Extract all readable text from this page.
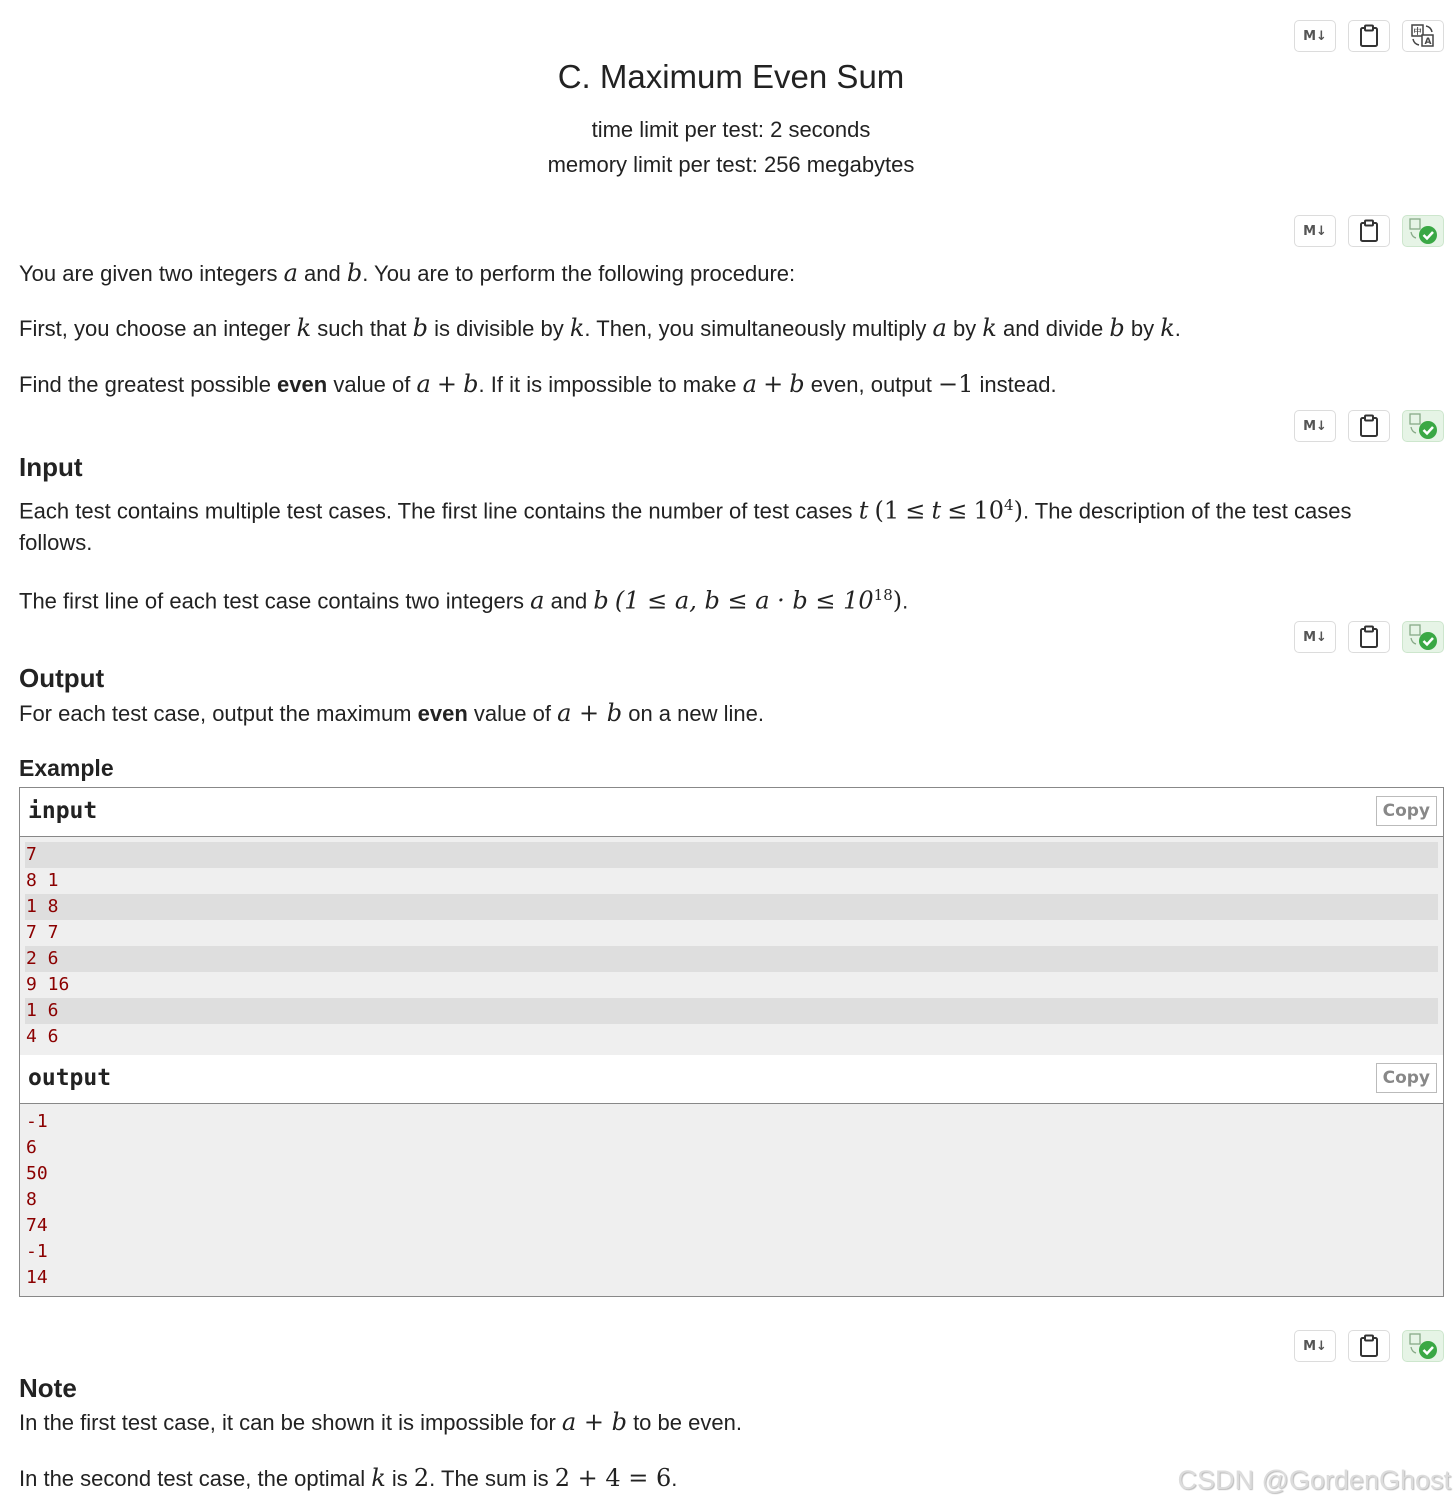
M↓	中
A
C. Maximum Even Sum
time limit per test: 2 seconds
memory limit per test: 256 megabytes
M↓
You are given two integers a and b. You are to perform the following procedure:
First, you choose an integer k such that b is divisible by k. Then, you simultaneously multiply a by k and divide b by k.
Find the greatest possible even value of a + b. If it is impossible to make a + b even, output −1 instead.
M↓
Input
Each test contains multiple test cases. The first line contains the number of test cases t $(1 \le t \le 10^4)$. The description of the test cases follows.
The first line of each test case contains two integers a and b (1 ≤ a, $b \le a \cdot b \le 10^{18}$).
M↓
Output
For each test case, output the maximum even value of a + b on a new line.
Example
input	Copy
7
8 1
1 8
7 7
2 6
9 16
1 6
4 6
output	Copy
-1
6
50
8
74
-1
14
M↓
Note
In the first test case, it can be shown it is impossible for a + b to be even.
In the second test case, the optimal k is 2. The sum is 2 + 4 = 6.	CSDN @GordenGhost
